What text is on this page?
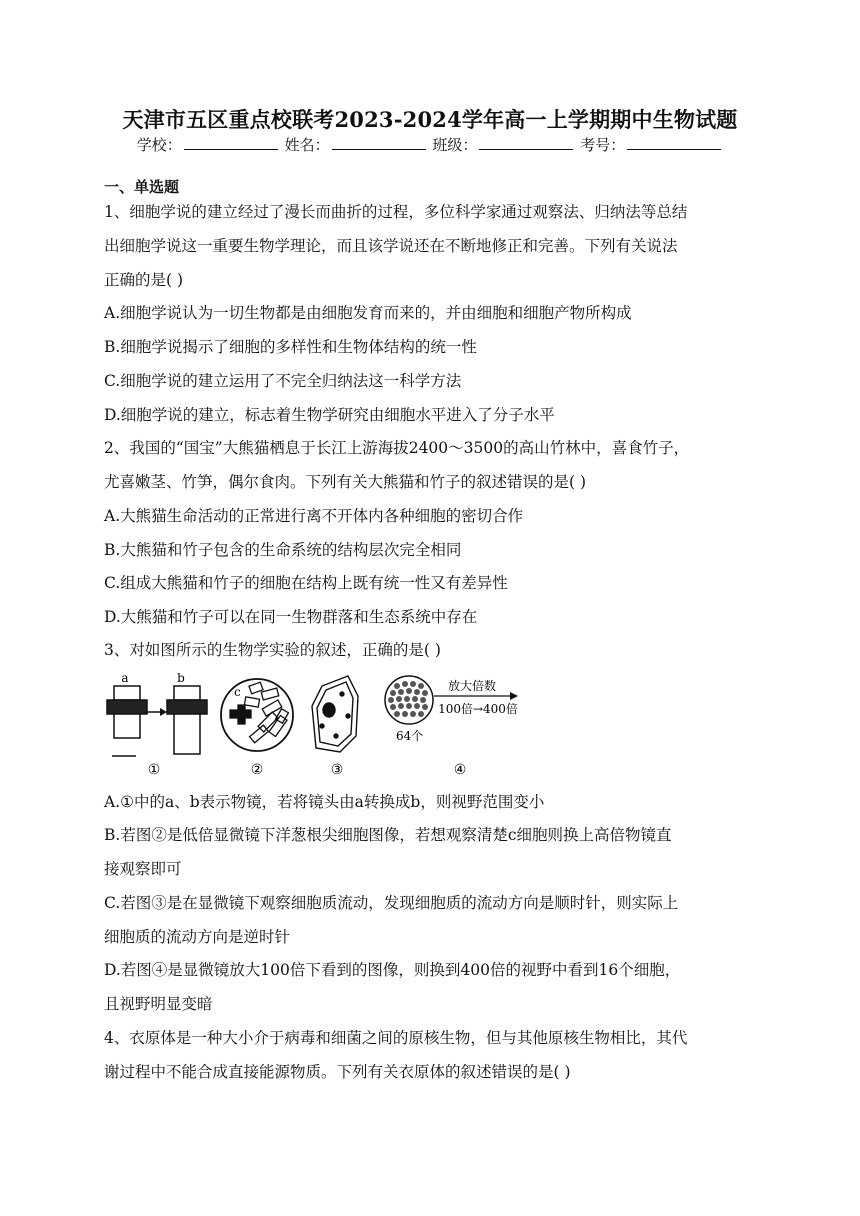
天津市五区重点校联考2023-2024学年高一上学期期中生物试题
学校：	姓名：	班级：	考号：
一、单选题
1、细胞学说的建立经过了漫长而曲折的过程，多位科学家通过观察法、归纳法等总结
出细胞学说这一重要生物学理论，而且该学说还在不断地修正和完善。下列有关说法
正确的是( )
A.细胞学说认为一切生物都是由细胞发育而来的，并由细胞和细胞产物所构成
B.细胞学说揭示了细胞的多样性和生物体结构的统一性
C.细胞学说的建立运用了不完全归纳法这一科学方法
D.细胞学说的建立，标志着生物学研究由细胞水平进入了分子水平
2、我国的“国宝”大熊猫栖息于长江上游海拔2400～3500的高山竹林中，喜食竹子，
尤喜嫩茎、竹笋，偶尔食肉。下列有关大熊猫和竹子的叙述错误的是( )
A.大熊猫生命活动的正常进行离不开体内各种细胞的密切合作
B.大熊猫和竹子包含的生命系统的结构层次完全相同
C.组成大熊猫和竹子的细胞在结构上既有统一性又有差异性
D.大熊猫和竹子可以在同一生物群落和生态系统中存在
3、对如图所示的生物学实验的叙述，正确的是( )
a	b
①
c
②	③
64个
放大倍数
100倍→400倍
④
A.①中的a、b表示物镜，若将镜头由a转换成b，则视野范围变小
B.若图②是低倍显微镜下洋葱根尖细胞图像，若想观察清楚c细胞则换上高倍物镜直
接观察即可
C.若图③是在显微镜下观察细胞质流动，发现细胞质的流动方向是顺时针，则实际上
细胞质的流动方向是逆时针
D.若图④是显微镜放大100倍下看到的图像，则换到400倍的视野中看到16个细胞，
且视野明显变暗
4、衣原体是一种大小介于病毒和细菌之间的原核生物，但与其他原核生物相比，其代
谢过程中不能合成直接能源物质。下列有关衣原体的叙述错误的是( )
